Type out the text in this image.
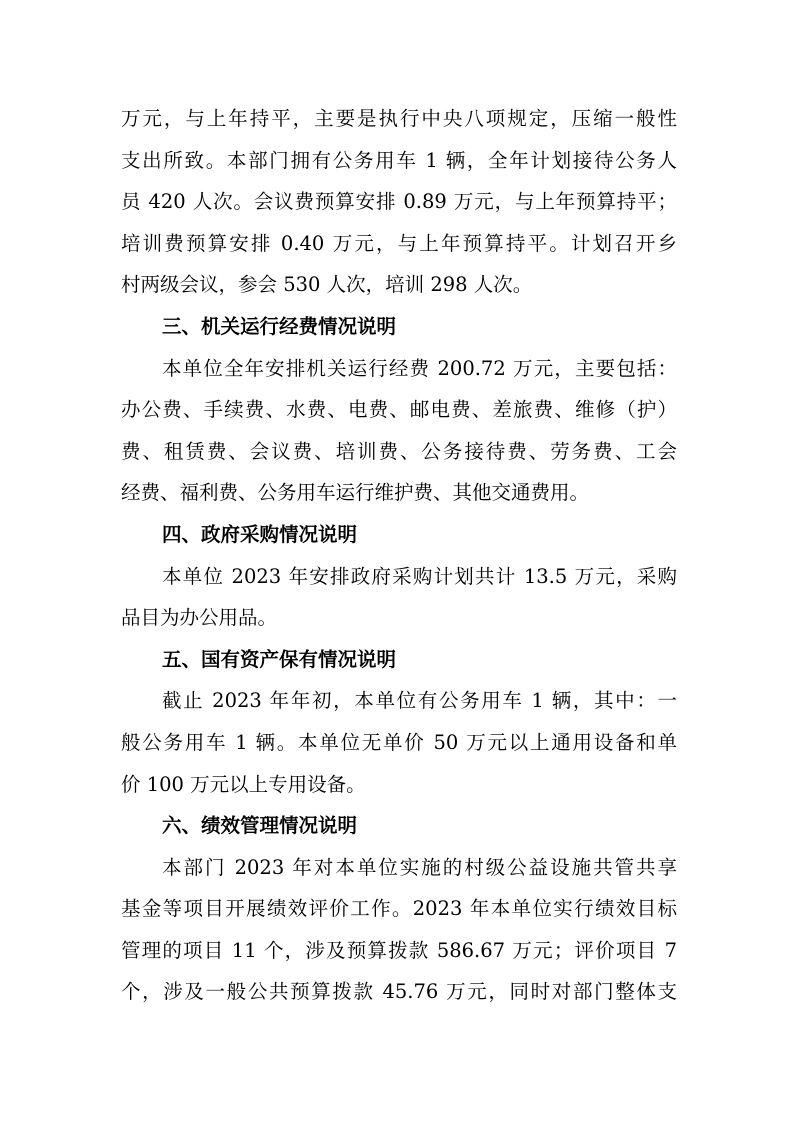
万元，与上年持平，主要是执行中央八项规定，压缩一般性
支出所致。本部门拥有公务用车 1 辆，全年计划接待公务人
员 420 人次。会议费预算安排 0.89 万元，与上年预算持平；
培训费预算安排 0.40 万元，与上年预算持平。计划召开乡
村两级会议，参会 530 人次，培训 298 人次。
三、机关运行经费情况说明
本单位全年安排机关运行经费 200.72 万元，主要包括：
办公费、手续费、水费、电费、邮电费、差旅费、维修（护）
费、租赁费、会议费、培训费、公务接待费、劳务费、工会
经费、福利费、公务用车运行维护费、其他交通费用。
四、政府采购情况说明
本单位 2023 年安排政府采购计划共计 13.5 万元，采购
品目为办公用品。
五、国有资产保有情况说明
截止 2023 年年初，本单位有公务用车 1 辆，其中：一
般公务用车 1 辆。本单位无单价 50 万元以上通用设备和单
价 100 万元以上专用设备。
六、绩效管理情况说明
本部门 2023 年对本单位实施的村级公益设施共管共享
基金等项目开展绩效评价工作。2023 年本单位实行绩效目标
管理的项目 11 个，涉及预算拨款 586.67 万元；评价项目 7
个，涉及一般公共预算拨款 45.76 万元，同时对部门整体支
